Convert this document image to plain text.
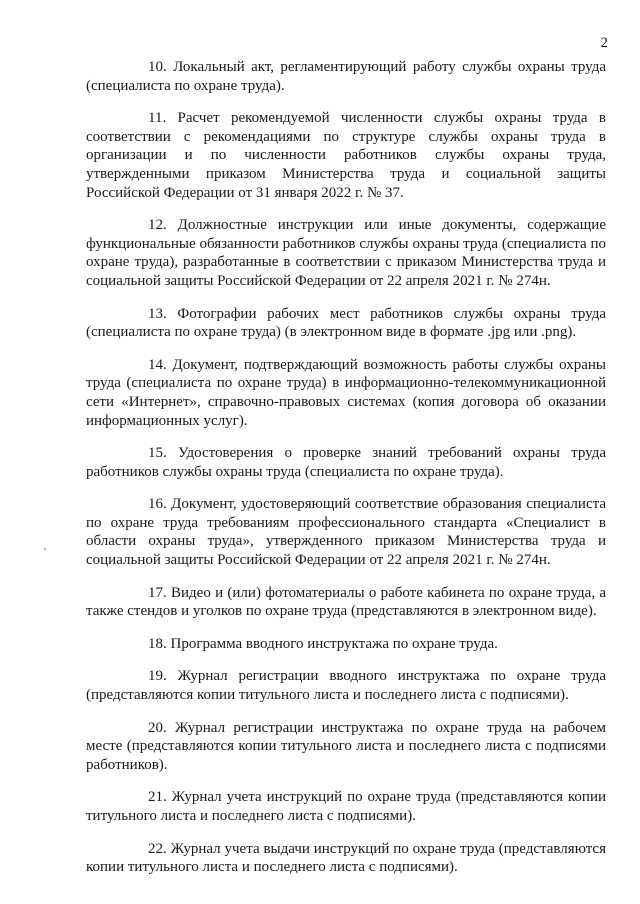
2

10. Локальный акт, регламентирующий работу службы охраны труда (специалиста по охране труда).

11. Расчет рекомендуемой численности службы охраны труда в соответствии с рекомендациями по структуре службы охраны труда в организации и по численности работников службы охраны труда, утвержденными приказом Министерства труда и социальной защиты Российской Федерации от 31 января 2022 г. № 37.

12. Должностные инструкции или иные документы, содержащие функциональные обязанности работников службы охраны труда (специалиста по охране труда), разработанные в соответствии с приказом Министерства труда и социальной защиты Российской Федерации от 22 апреля 2021 г. № 274н.

13. Фотографии рабочих мест работников службы охраны труда (специалиста по охране труда) (в электронном виде в формате .jpg или .png).

14. Документ, подтверждающий возможность работы службы охраны труда (специалиста по охране труда) в информационно-телекоммуникационной сети «Интернет», справочно-правовых системах (копия договора об оказании информационных услуг).

15. Удостоверения о проверке знаний требований охраны труда работников службы охраны труда (специалиста по охране труда).

16. Документ, удостоверяющий соответствие образования специалиста по охране труда требованиям профессионального стандарта «Специалист в области охраны труда», утвержденного приказом Министерства труда и социальной защиты Российской Федерации от 22 апреля 2021 г. № 274н.

17. Видео и (или) фотоматериалы о работе кабинета по охране труда, а также стендов и уголков по охране труда (представляются в электронном виде).

18. Программа вводного инструктажа по охране труда.

19. Журнал регистрации вводного инструктажа по охране труда (представляются копии титульного листа и последнего листа с подписями).

20. Журнал регистрации инструктажа по охране труда на рабочем месте (представляются копии титульного листа и последнего листа с подписями работников).

21. Журнал учета инструкций по охране труда (представляются копии титульного листа и последнего листа с подписями).

22. Журнал учета выдачи инструкций по охране труда (представляются копии титульного листа и последнего листа с подписями).
